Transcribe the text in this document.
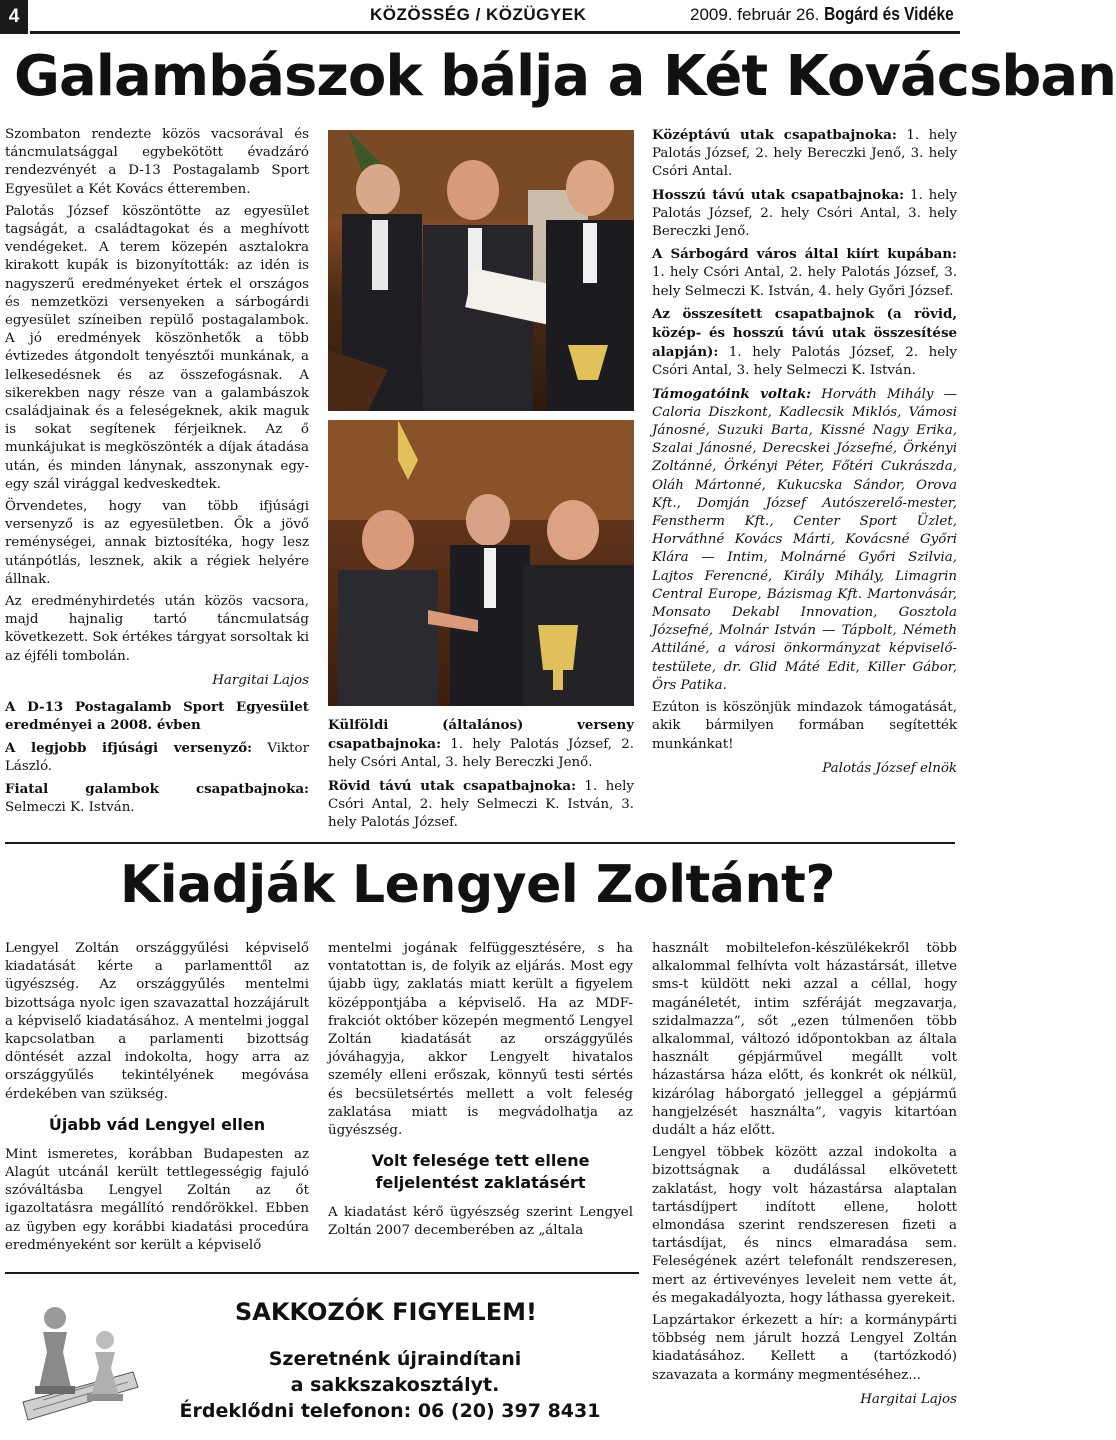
4	KÖZÖSSÉG / KÖZÜGYEK	2009. február 26. Bogárd és Vidéke
Galambászok bálja a Két Kovácsban

Szombaton rendezte közös vacsorával és táncmulatsággal egybekötött évadzáró rendezvényét a D-13 Postagalamb Sport Egyesület a Két Kovács étteremben.

Palotás József köszöntötte az egyesület tagságát, a családtagokat és a meghívott vendégeket. A terem közepén asztalokra kirakott kupák is bizonyították: az idén is nagyszerű eredményeket értek el országos és nemzetközi versenyeken a sárbogárdi egyesület színeiben repülő postagalambok. A jó eredmények köszönhetők a több évtizedes átgondolt tenyésztői munkának, a lelkesedésnek és az összefogásnak. A sikerekben nagy része van a galambászok családjainak és a feleségeknek, akik maguk is sokat segítenek férjeiknek. Az ő munkájukat is megköszönték a díjak átadása után, és minden lánynak, asszonynak egy-egy szál virággal kedveskedtek.

Örvendetes, hogy van több ifjúsági versenyző is az egyesületben. Ők a jövő reménységei, annak biztosítéka, hogy lesz utánpótlás, lesznek, akik a régiek helyére állnak.

Az eredményhirdetés után közös vacsora, majd hajnalig tartó táncmulatság következett. Sok értékes tárgyat sorsoltak ki az éjféli tombolán.

Hargitai Lajos

A D-13 Postagalamb Sport Egyesület eredményei a 2008. évben

A legjobb ifjúsági versenyző: Viktor László.

Fiatal galambok csapatbajnoka: Selmeczi K. István.

Külföldi (általános) verseny csapatbajnoka: 1. hely Palotás József, 2. hely Csóri Antal, 3. hely Bereczki Jenő.

Rövid távú utak csapatbajnoka: 1. hely Csóri Antal, 2. hely Selmeczi K. István, 3. hely Palotás József.

Középtávú utak csapatbajnoka: 1. hely Palotás József, 2. hely Bereczki Jenő, 3. hely Csóri Antal.

Hosszú távú utak csapatbajnoka: 1. hely Palotás József, 2. hely Csóri Antal, 3. hely Bereczki Jenő.

A Sárbogárd város által kiírt kupában: 1. hely Csóri Antal, 2. hely Palotás József, 3. hely Selmeczi K. István, 4. hely Győri József.

Az összesített csapatbajnok (a rövid, közép- és hosszú távú utak összesítése alapján): 1. hely Palotás József, 2. hely Csóri Antal, 3. hely Selmeczi K. István.

Támogatóink voltak: Horváth Mihály — Caloria Diszkont, Kadlecsik Miklós, Vámosi Jánosné, Suzuki Barta, Kissné Nagy Erika, Szalai Jánosné, Derecskei Józsefné, Örkényi Zoltánné, Örkényi Péter, Főtéri Cukrászda, Oláh Mártonné, Kukucska Sándor, Orova Kft., Domján József Autószerelő-mester, Fenstherm Kft., Center Sport Üzlet, Horváthné Kovács Márti, Kovácsné Győri Klára — Intim, Molnárné Győri Szilvia, Lajtos Ferencné, Király Mihály, Limagrin Central Europe, Bázismag Kft. Martonvásár, Monsato Dekabl Innovation, Gosztola Józsefné, Molnár István — Tápbolt, Németh Attiláné, a városi önkormányzat képviselő-testülete, dr. Glid Máté Edit, Killer Gábor, Örs Patika.

Ezúton is köszönjük mindazok támogatását, akik bármilyen formában segítették munkánkat!

Palotás József elnök
Kiadják Lengyel Zoltánt?

Lengyel Zoltán országgyűlési képviselő kiadatását kérte a parlamenttől az ügyészség. Az országgyűlés mentelmi bizottsága nyolc igen szavazattal hozzájárult a képviselő kiadatásához. A mentelmi joggal kapcsolatban a parlamenti bizottság döntését azzal indokolta, hogy arra az országgyűlés tekintélyének megóvása érdekében van szükség.

Újabb vád Lengyel ellen

Mint ismeretes, korábban Budapesten az Alagút utcánál került tettlegességig fajuló szóváltásba Lengyel Zoltán az őt igazoltatásra megállító rendőrökkel. Ebben az ügyben egy korábbi kiadatási procedúra eredményeként sor került a képviselő

mentelmi jogának felfüggesztésére, s ha vontatottan is, de folyik az eljárás. Most egy újabb ügy, zaklatás miatt került a figyelem középpontjába a képviselő. Ha az MDF-frakciót október közepén megmentő Lengyel Zoltán kiadatását az országgyűlés jóváhagyja, akkor Lengyelt hivatalos személy elleni erőszak, könnyű testi sértés és becsületsértés mellett a volt feleség zaklatása miatt is megvádolhatja az ügyészség.

Volt felesége tett ellene
feljelentést zaklatásért

A kiadatást kérő ügyészség szerint Lengyel Zoltán 2007 decemberében az „általa

használt mobiltelefon-készülékekről több alkalommal felhívta volt házastársát, illetve sms-t küldött neki azzal a céllal, hogy magánéletét, intim szféráját megzavarja, szidalmazza”, sőt „ezen túlmenően több alkalommal, változó időpontokban az általa használt gépjárművel megállt volt házastársa háza előtt, és konkrét ok nélkül, kizárólag háborgató jelleggel a gépjármű hangjelzését használta”, vagyis kitartóan dudált a ház előtt.

Lengyel többek között azzal indokolta a bizottságnak a dudálással elkövetett zaklatást, hogy volt házastársa alaptalan tartásdíjpert indított ellene, holott elmondása szerint rendszeresen fizeti a tartásdíjat, és nincs elmaradása sem. Feleségének azért telefonált rendszeresen, mert az értivevényes leveleit nem vette át, és megakadályozta, hogy láthassa gyerekeit.

Lapzártakor érkezett a hír: a kormánypárti többség nem járult hozzá Lengyel Zoltán kiadatásához. Kellett a (tartózkodó) szavazata a kormány megmentéséhez...

Hargitai Lajos
SAKKOZÓK FIGYELEM!
Szeretnénk újraindítani
a sakkszakosztályt.
Érdeklődni telefonon: 06 (20) 397 8431
